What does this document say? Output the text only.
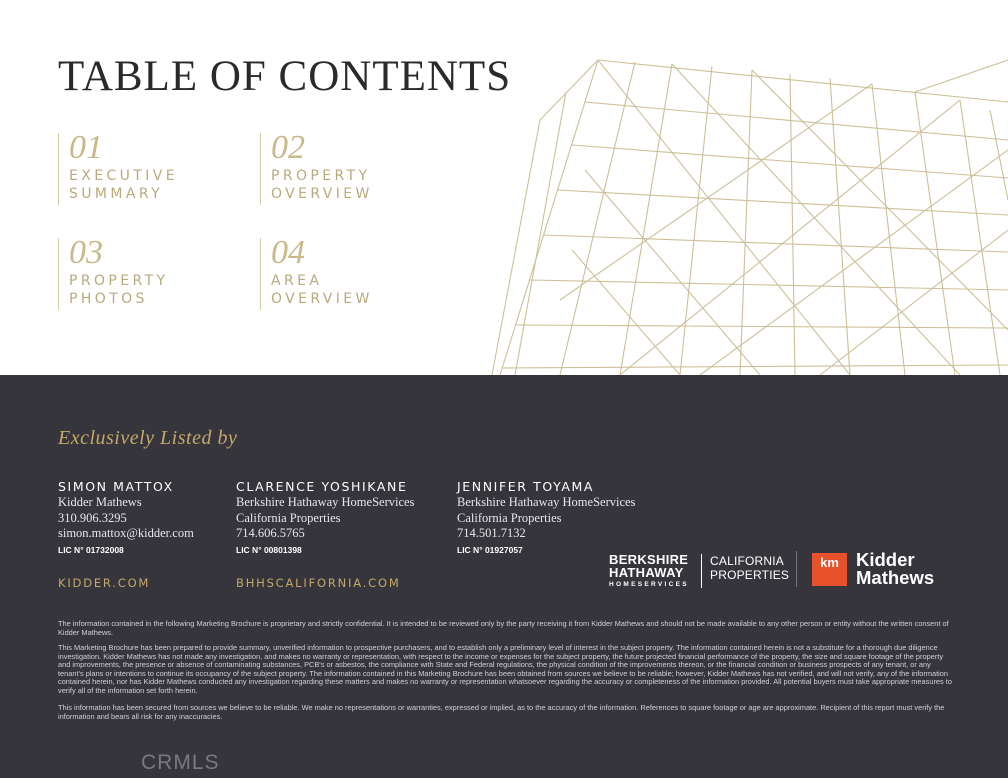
TABLE OF CONTENTS
01
EXECUTIVE
SUMMARY
02
PROPERTY
OVERVIEW
03
PROPERTY
PHOTOS
04
AREA
OVERVIEW
Exclusively Listed by
SIMON MATTOX
Kidder Mathews
310.906.3295
simon.mattox@kidder.com
LIC N° 01732008
KIDDER.COM
CLARENCE YOSHIKANE
Berkshire Hathaway HomeServices
California Properties
714.606.5765
LIC N° 00801398
BHHSCALIFORNIA.COM
JENNIFER TOYAMA
Berkshire Hathaway HomeServices
California Properties
714.501.7132
LIC N° 01927057
BERKSHIRE
HATHAWAY
HOMESERVICES
CALIFORNIA
PROPERTIES
km Kidder
Mathews

The information contained in the following Marketing Brochure is proprietary and strictly confidential. It is intended to be reviewed only by the party receiving it from Kidder Mathews and should not be made available to any other person or entity without the written consent of Kidder Mathews.

This Marketing Brochure has been prepared to provide summary, unverified information to prospective purchasers, and to establish only a preliminary level of interest in the subject property. The information contained herein is not a substitute for a thorough due diligence investigation. Kidder Mathews has not made any investigation, and makes no warranty or representation, with respect to the income or expenses for the subject property, the future projected financial performance of the property, the size and square footage of the property and improvements, the presence or absence of contaminating substances, PCB's or asbestos, the compliance with State and Federal regulations, the physical condition of the improvements thereon, or the financial condition or business prospects of any tenant, or any tenant's plans or intentions to continue its occupancy of the subject property. The information contained in this Marketing Brochure has been obtained from sources we believe to be reliable; however, Kidder Mathews has not verified, and will not verify, any of the information contained herein, nor has Kidder Mathews conducted any investigation regarding these matters and makes no warranty or representation whatsoever regarding the accuracy or completeness of the information provided. All potential buyers must take appropriate measures to verify all of the information set forth herein.

This information has been secured from sources we believe to be reliable. We make no representations or warranties, expressed or implied, as to the accuracy of the information. References to square footage or age are approximate. Recipient of this report must verify the information and bears all risk for any inaccuracies.

CRMLS
